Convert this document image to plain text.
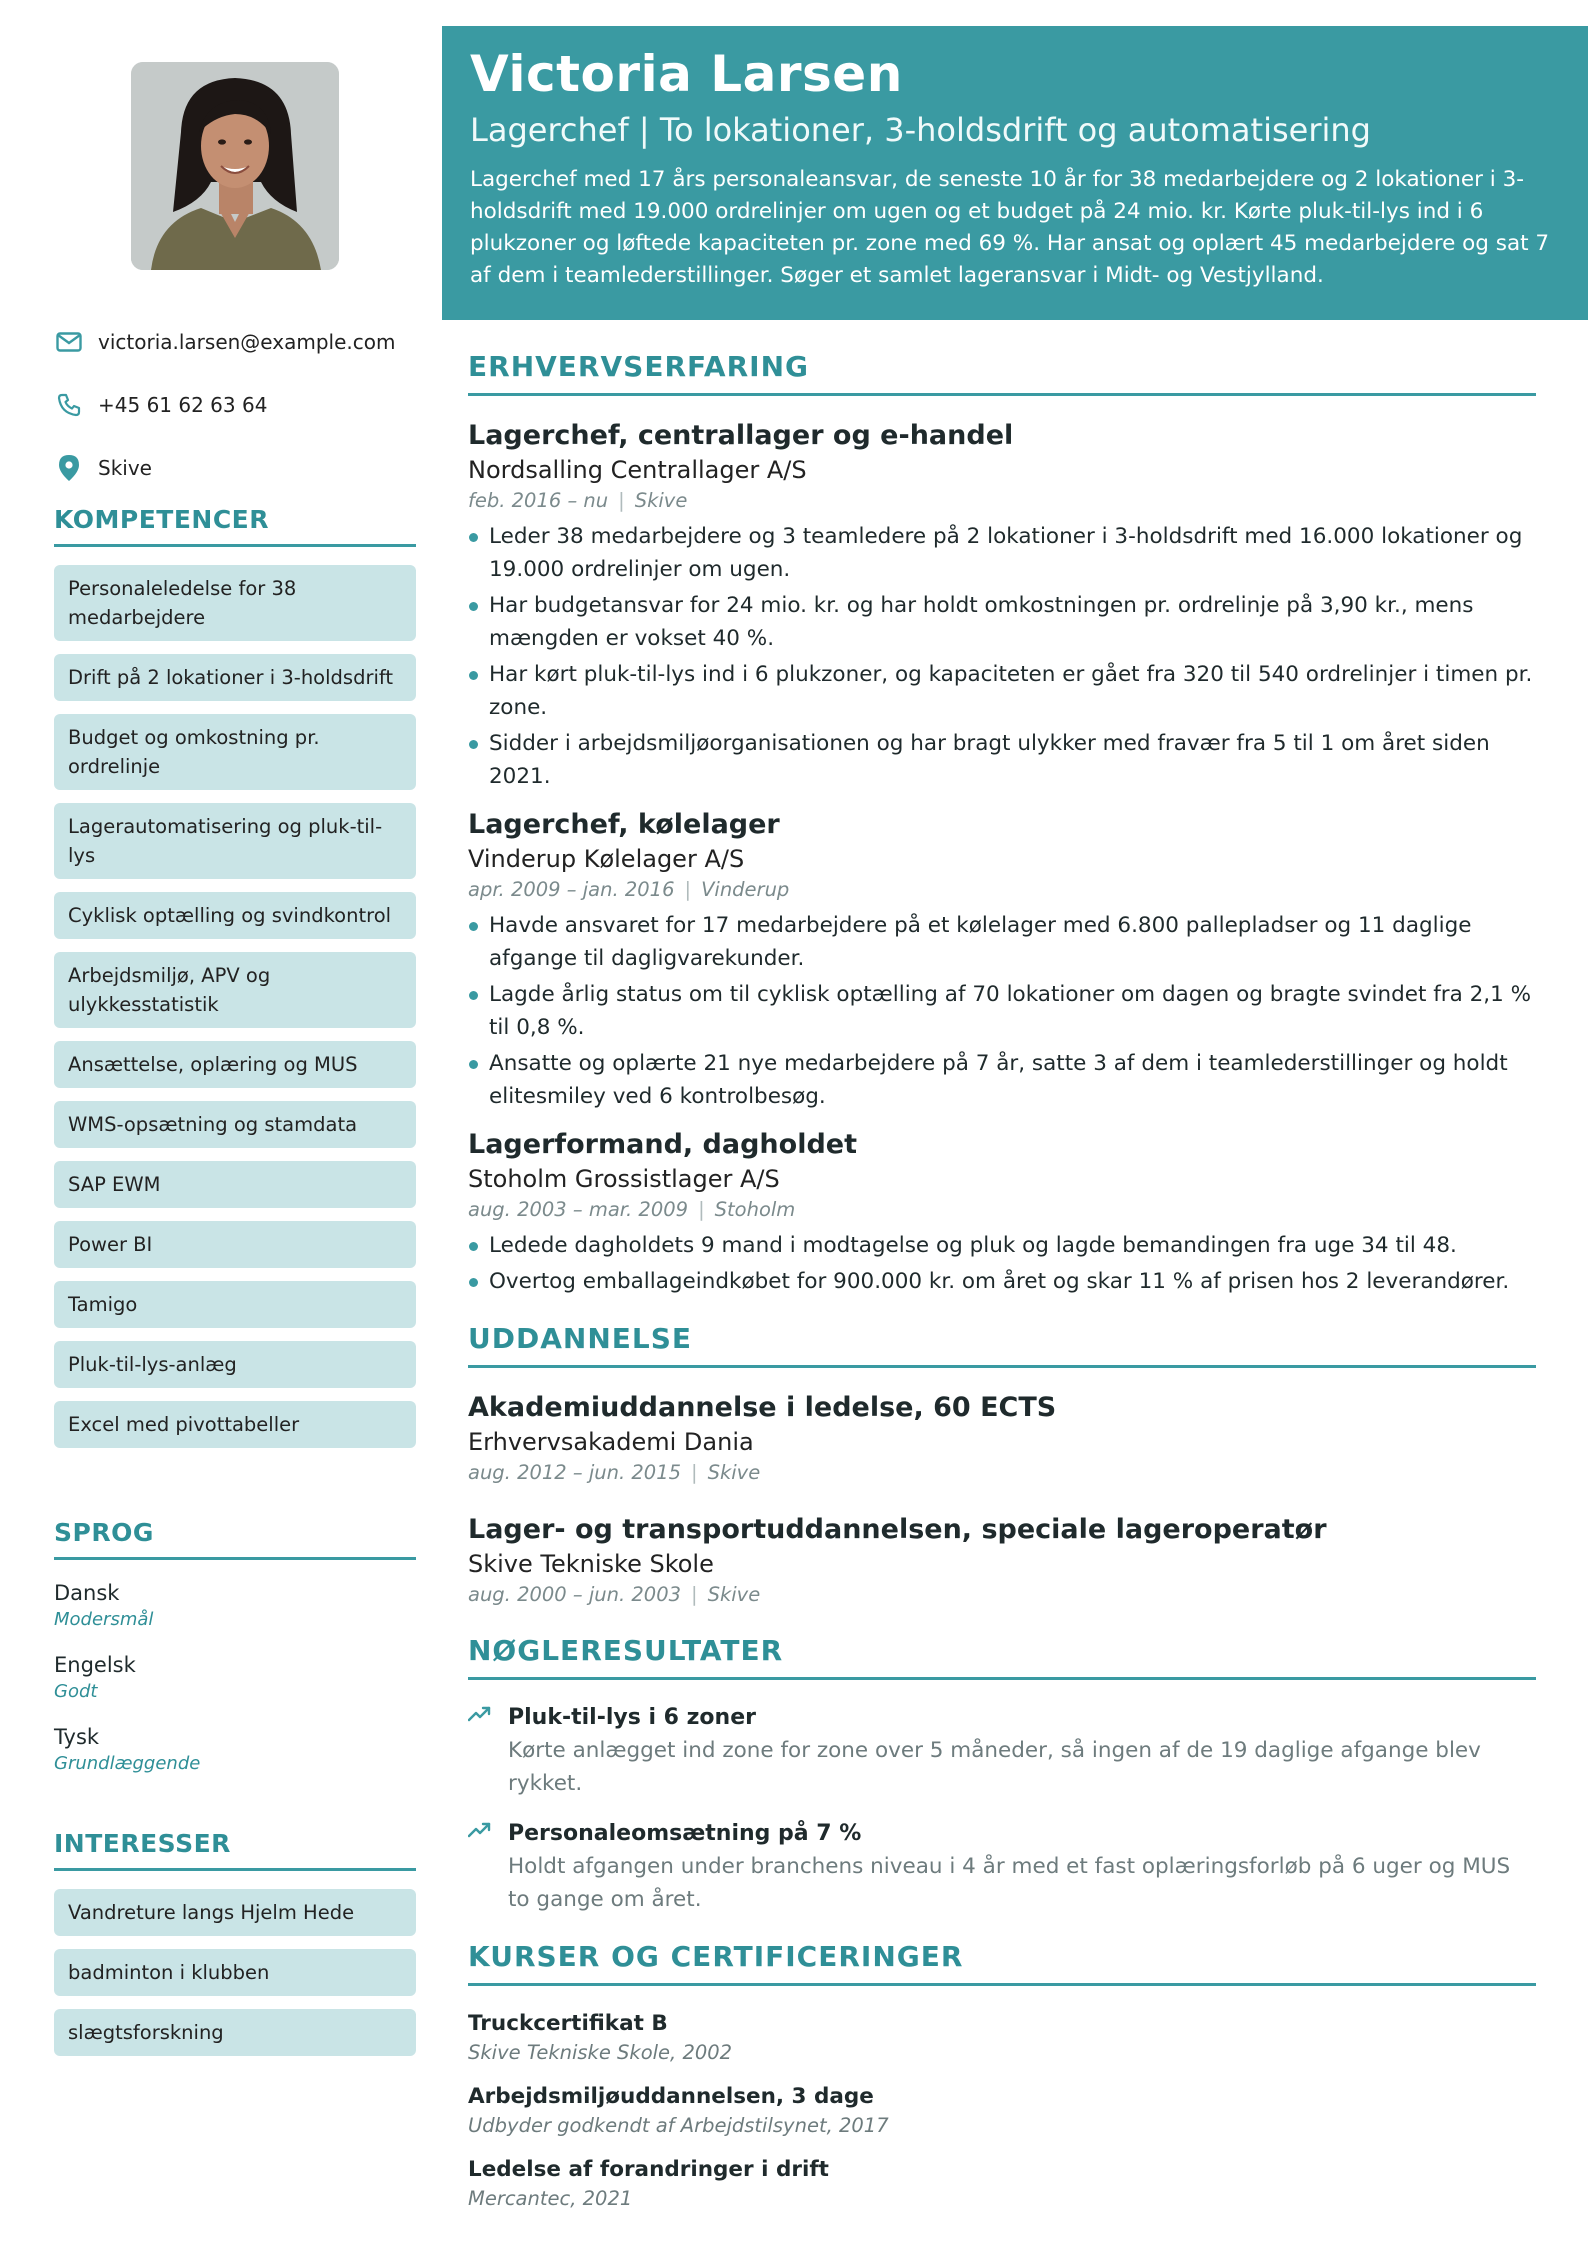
victoria.larsen@example.com
+45 61 62 63 64
Skive
KOMPETENCER
Personaleledelse for 38 medarbejdere
Drift på 2 lokationer i 3-holdsdrift
Budget og omkostning pr. ordrelinje
Lagerautomatisering og pluk-til-lys
Cyklisk optælling og svindkontrol
Arbejdsmiljø, APV og ulykkesstatistik
Ansættelse, oplæring og MUS
WMS-opsætning og stamdata
SAP EWM
Power BI
Tamigo
Pluk-til-lys-anlæg
Excel med pivottabeller
SPROG
Dansk
Modersmål
Engelsk
Godt
Tysk
Grundlæggende
INTERESSER
Vandreture langs Hjelm Hede
badminton i klubben
slægtsforskning
Victoria Larsen
Lagerchef | To lokationer, 3-holdsdrift og automatisering
Lagerchef med 17 års personaleansvar, de seneste 10 år for 38 medarbejdere og 2 lokationer i 3-holdsdrift med 19.000 ordrelinjer om ugen og et budget på 24 mio. kr. Kørte pluk-til-lys ind i 6 plukzoner og løftede kapaciteten pr. zone med 69 %. Har ansat og oplært 45 medarbejdere og sat 7 af dem i teamlederstillinger. Søger et samlet lageransvar i Midt- og Vestjylland.
ERHVERVSERFARING
Lagerchef, centrallager og e-handel
Nordsalling Centrallager A/S
feb. 2016 – nu | Skive
Leder 38 medarbejdere og 3 teamledere på 2 lokationer i 3-holdsdrift med 16.000 lokationer og 19.000 ordrelinjer om ugen.
Har budgetansvar for 24 mio. kr. og har holdt omkostningen pr. ordrelinje på 3,90 kr., mens mængden er vokset 40 %.
Har kørt pluk-til-lys ind i 6 plukzoner, og kapaciteten er gået fra 320 til 540 ordrelinjer i timen pr. zone.
Sidder i arbejdsmiljøorganisationen og har bragt ulykker med fravær fra 5 til 1 om året siden 2021.
Lagerchef, kølelager
Vinderup Kølelager A/S
apr. 2009 – jan. 2016 | Vinderup
Havde ansvaret for 17 medarbejdere på et kølelager med 6.800 pallepladser og 11 daglige afgange til dagligvarekunder.
Lagde årlig status om til cyklisk optælling af 70 lokationer om dagen og bragte svindet fra 2,1 % til 0,8 %.
Ansatte og oplærte 21 nye medarbejdere på 7 år, satte 3 af dem i teamlederstillinger og holdt elitesmiley ved 6 kontrolbesøg.
Lagerformand, dagholdet
Stoholm Grossistlager A/S
aug. 2003 – mar. 2009 | Stoholm
Ledede dagholdets 9 mand i modtagelse og pluk og lagde bemandingen fra uge 34 til 48.
Overtog emballageindkøbet for 900.000 kr. om året og skar 11 % af prisen hos 2 leverandører.
UDDANNELSE
Akademiuddannelse i ledelse, 60 ECTS
Erhvervsakademi Dania
aug. 2012 – jun. 2015 | Skive
Lager- og transportuddannelsen, speciale lageroperatør
Skive Tekniske Skole
aug. 2000 – jun. 2003 | Skive
NØGLERESULTATER
Pluk-til-lys i 6 zoner
Kørte anlægget ind zone for zone over 5 måneder, så ingen af de 19 daglige afgange blev rykket.
Personaleomsætning på 7 %
Holdt afgangen under branchens niveau i 4 år med et fast oplæringsforløb på 6 uger og MUS to gange om året.
KURSER OG CERTIFICERINGER
Truckcertifikat B
Skive Tekniske Skole, 2002
Arbejdsmiljøuddannelsen, 3 dage
Udbyder godkendt af Arbejdstilsynet, 2017
Ledelse af forandringer i drift
Mercantec, 2021
